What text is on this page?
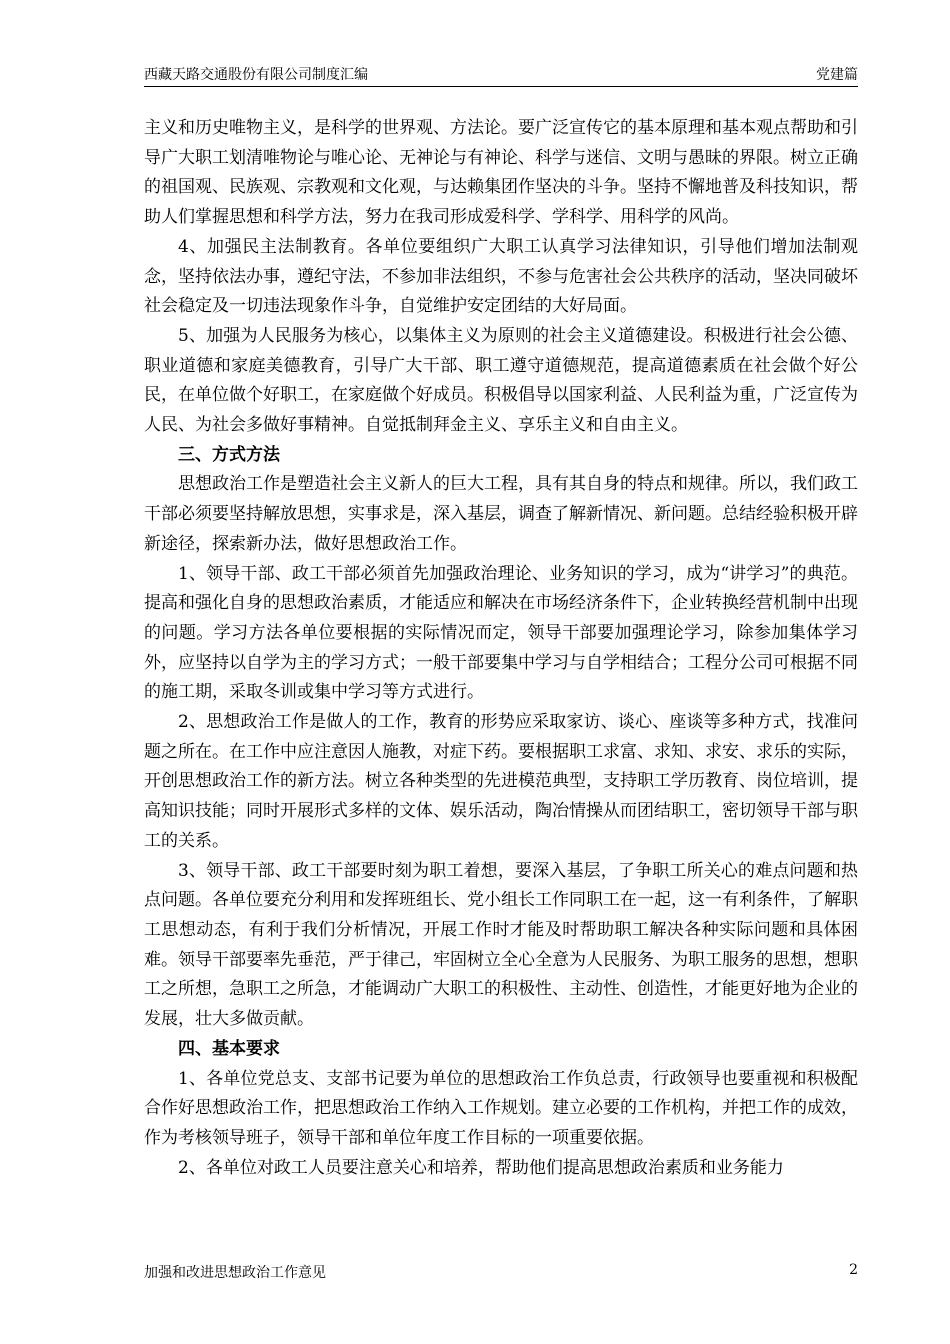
西藏天路交通股份有限公司制度汇编	党建篇

主义和历史唯物主义，是科学的世界观、方法论。要广泛宣传它的基本原理和基本观点帮助和引导广大职工划清唯物论与唯心论、无神论与有神论、科学与迷信、文明与愚昧的界限。树立正确的祖国观、民族观、宗教观和文化观，与达赖集团作坚决的斗争。坚持不懈地普及科技知识，帮助人们掌握思想和科学方法，努力在我司形成爱科学、学科学、用科学的风尚。

4、加强民主法制教育。各单位要组织广大职工认真学习法律知识，引导他们增加法制观念，坚持依法办事，遵纪守法，不参加非法组织，不参与危害社会公共秩序的活动，坚决同破坏社会稳定及一切违法现象作斗争，自觉维护安定团结的大好局面。

5、加强为人民服务为核心，以集体主义为原则的社会主义道德建设。积极进行社会公德、职业道德和家庭美德教育，引导广大干部、职工遵守道德规范，提高道德素质在社会做个好公民，在单位做个好职工，在家庭做个好成员。积极倡导以国家利益、人民利益为重，广泛宣传为人民、为社会多做好事精神。自觉抵制拜金主义、享乐主义和自由主义。

三、方式方法

思想政治工作是塑造社会主义新人的巨大工程，具有其自身的特点和规律。所以，我们政工干部必须要坚持解放思想，实事求是，深入基层，调查了解新情况、新问题。总结经验积极开辟新途径，探索新办法，做好思想政治工作。

1、领导干部、政工干部必须首先加强政治理论、业务知识的学习，成为“讲学习”的典范。提高和强化自身的思想政治素质，才能适应和解决在市场经济条件下，企业转换经营机制中出现的问题。学习方法各单位要根据的实际情况而定，领导干部要加强理论学习，除参加集体学习外，应坚持以自学为主的学习方式；一般干部要集中学习与自学相结合；工程分公司可根据不同的施工期，采取冬训或集中学习等方式进行。

2、思想政治工作是做人的工作，教育的形势应采取家访、谈心、座谈等多种方式，找准问题之所在。在工作中应注意因人施教，对症下药。要根据职工求富、求知、求安、求乐的实际，开创思想政治工作的新方法。树立各种类型的先进模范典型，支持职工学历教育、岗位培训，提高知识技能；同时开展形式多样的文体、娱乐活动，陶冶情操从而团结职工，密切领导干部与职工的关系。

3、领导干部、政工干部要时刻为职工着想，要深入基层，了争职工所关心的难点问题和热点问题。各单位要充分利用和发挥班组长、党小组长工作同职工在一起，这一有利条件，了解职工思想动态，有利于我们分析情况，开展工作时才能及时帮助职工解决各种实际问题和具体困难。领导干部要率先垂范，严于律己，牢固树立全心全意为人民服务、为职工服务的思想，想职工之所想，急职工之所急，才能调动广大职工的积极性、主动性、创造性，才能更好地为企业的发展，壮大多做贡献。

四、基本要求

1、各单位党总支、支部书记要为单位的思想政治工作负总责，行政领导也要重视和积极配合作好思想政治工作，把思想政治工作纳入工作规划。建立必要的工作机构，并把工作的成效，作为考核领导班子，领导干部和单位年度工作目标的一项重要依据。

2、各单位对政工人员要注意关心和培养，帮助他们提高思想政治素质和业务能力

加强和改进思想政治工作意见	2
